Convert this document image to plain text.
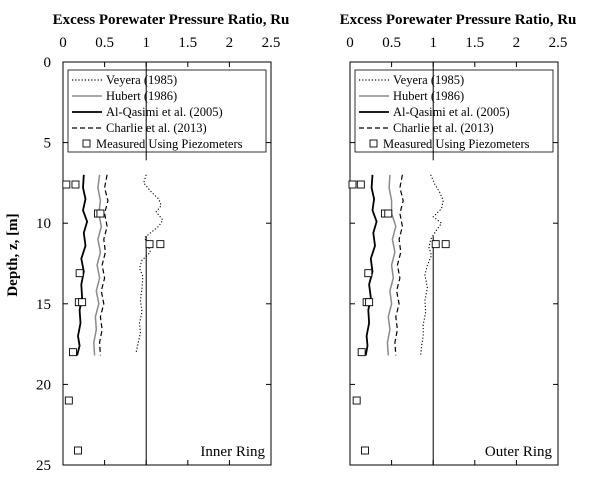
Excess Porewater Pressure Ratio, Ru
Depth, z, [m]
0 0.5 1 1.5 2 2.5
0
5
10
15
20
25
Veyera (1985)
Hubert (1986)
Al-Qasimi et al. (2005)
Charlie et al. (2013)
Measured Using Piezometers
Inner Ring
Excess Porewater Pressure Ratio, Ru
0 0.5 1 1.5 2 2.5
Veyera (1985)
Hubert (1986)
Al-Qasimi et al. (2005)
Charlie et al. (2013)
Measured Using Piezometers
Outer Ring
